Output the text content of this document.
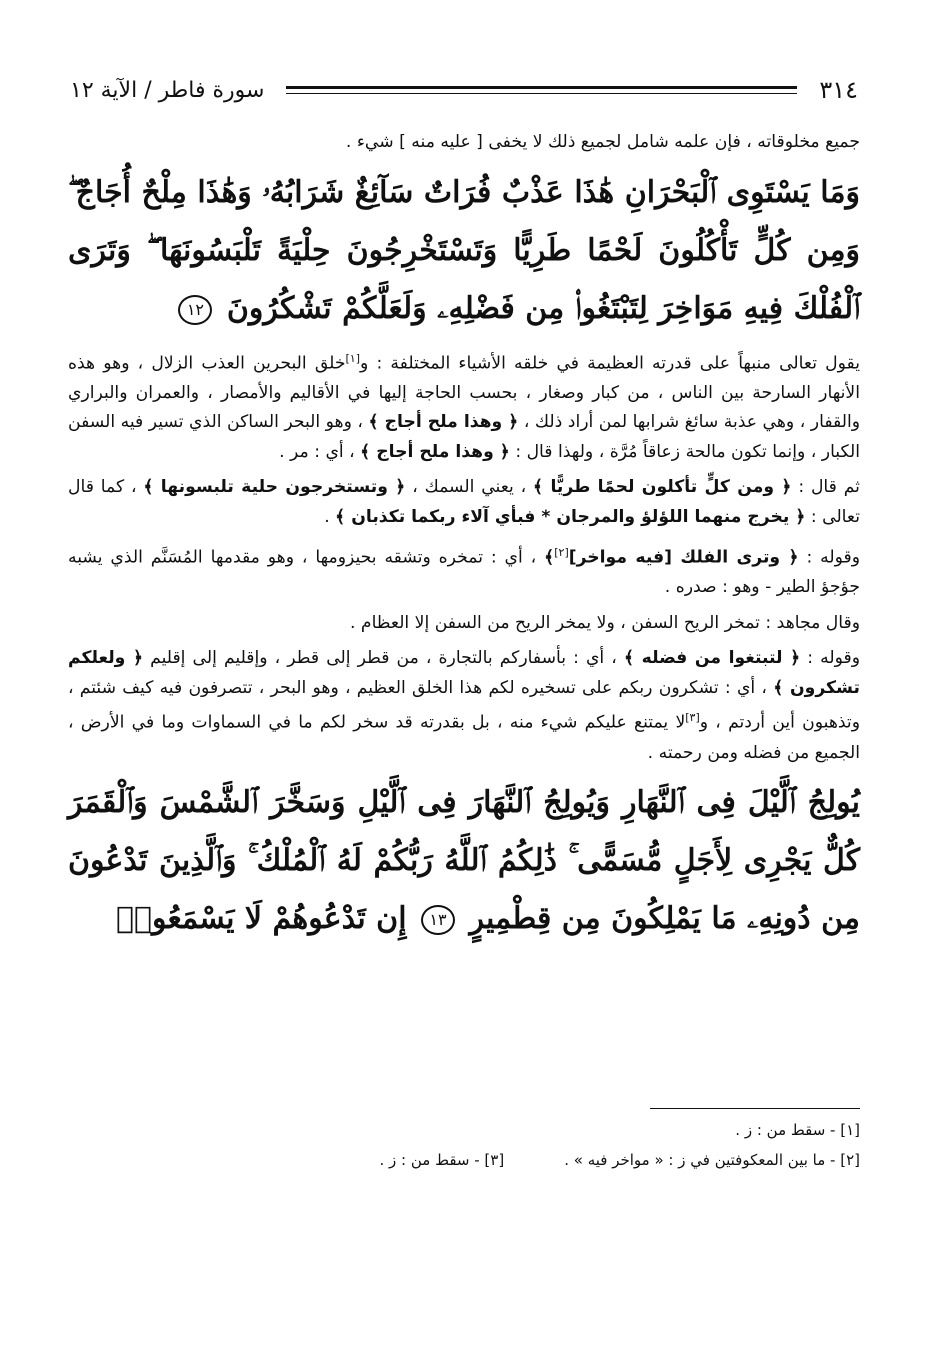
٣١٤
سورة فاطر / الآية ١٢

جميع مخلوقاته ، فإن علمه شامل لجميع ذلك لا يخفى [ عليه منه ] شيء .

وَمَا يَسْتَوِى ٱلْبَحْرَانِ هَٰذَا عَذْبٌ فُرَاتٌ سَآئِغٌ شَرَابُهُۥ وَهَٰذَا مِلْحٌ أُجَاجٌ ۖ وَمِن كُلٍّ تَأْكُلُونَ لَحْمًا طَرِيًّا وَتَسْتَخْرِجُونَ حِلْيَةً تَلْبَسُونَهَا ۖ وَتَرَى ٱلْفُلْكَ فِيهِ مَوَاخِرَ لِتَبْتَغُوا۟ مِن فَضْلِهِۦ وَلَعَلَّكُمْ تَشْكُرُونَ ١٢

يقول تعالى منبهاً على قدرته العظيمة في خلقه الأشياء المختلفة : و[١]خلق البحرين العذب الزلال ، وهو هذه الأنهار السارحة بين الناس ، من كبار وصغار ، بحسب الحاجة إليها في الأقاليم والأمصار ، والعمران والبراري والقفار ، وهي عذبة سائغ شرابها لمن أراد ذلك ، ﴿ وهذا ملح أجاج ﴾ ، وهو البحر الساكن الذي تسير فيه السفن الكبار ، وإنما تكون مالحة زعاقاً مُرَّة ، ولهذا قال : ﴿ وهذا ملح أجاج ﴾ ، أي : مر .

ثم قال : ﴿ ومن كلٍّ تأكلون لحمًا طريًّا ﴾ ، يعني السمك ، ﴿ وتستخرجون حلية تلبسونها ﴾ ، كما قال تعالى : ﴿ يخرج منهما اللؤلؤ والمرجان * فبأي آلاء ربكما تكذبان ﴾ .

وقوله : ﴿ وترى الفلك [فيه مواخر][٢]﴾ ، أي : تمخره وتشقه بحيزومها ، وهو مقدمها المُسَنَّم الذي يشبه جؤجؤ الطير - وهو : صدره .

وقال مجاهد : تمخر الريح السفن ، ولا يمخر الريح من السفن إلا العظام .

وقوله : ﴿ لتبتغوا من فضله ﴾ ، أي : بأسفاركم بالتجارة ، من قطر إلى قطر ، وإقليم إلى إقليم ﴿ ولعلكم تشكرون ﴾ ، أي : تشكرون ربكم على تسخيره لكم هذا الخلق العظيم ، وهو البحر ، تتصرفون فيه كيف شئتم ، وتذهبون أين أردتم ، و[٣]لا يمتنع عليكم شيء منه ، بل بقدرته قد سخر لكم ما في السماوات وما في الأرض ، الجميع من فضله ومن رحمته .

يُولِجُ ٱلَّيْلَ فِى ٱلنَّهَارِ وَيُولِجُ ٱلنَّهَارَ فِى ٱلَّيْلِ وَسَخَّرَ ٱلشَّمْسَ وَٱلْقَمَرَ كُلٌّ يَجْرِى لِأَجَلٍ مُّسَمًّى ۚ ذَٰلِكُمُ ٱللَّهُ رَبُّكُمْ لَهُ ٱلْمُلْكُ ۚ وَٱلَّذِينَ تَدْعُونَ مِن دُونِهِۦ مَا يَمْلِكُونَ مِن قِطْمِيرٍ ١٣ إِن تَدْعُوهُمْ لَا يَسْمَعُوا۟

[١] - سقط من : ز .
[٢] - ما بين المعكوفتين في ز : « مواخر فيه » .
[٣] - سقط من : ز .
